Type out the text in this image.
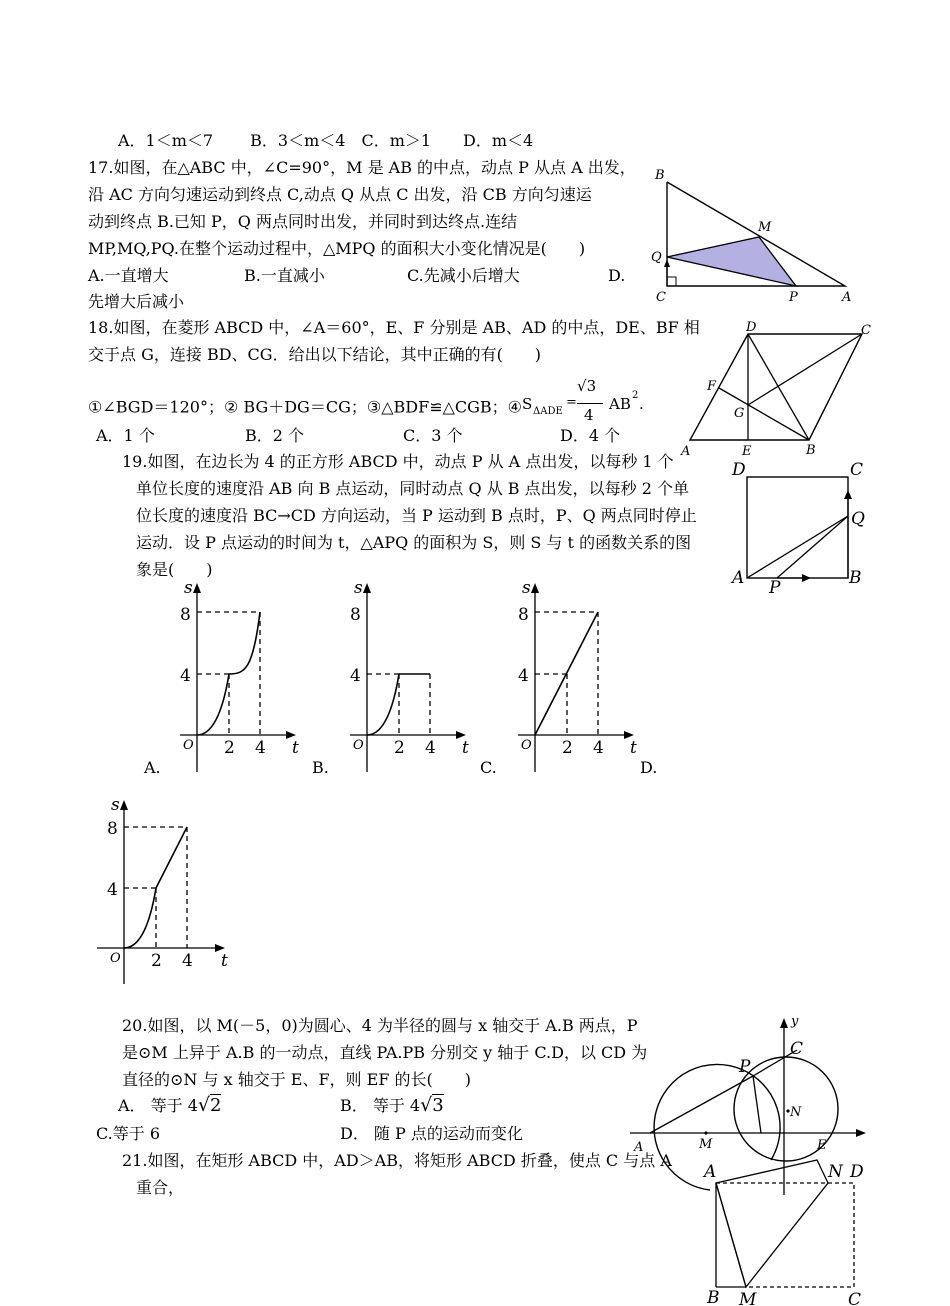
A．1＜m＜7　　 B．3＜m＜4　C．m＞1　　D．m＜4
17.如图，在△ABC 中，∠C=90°，M 是 AB 的中点，动点 P 从点 A 出发，
沿 AC 方向匀速运动到终点 C,动点 Q 从点 C 出发，沿 CB 方向匀速运
动到终点 B.已知 P，Q 两点同时出发，并同时到达终点.连结
MP,MQ,PQ.在整个运动过程中，△MPQ 的面积大小变化情况是(　　)
A.一直增大	B.一直减小	C.先减小后增大	D.
先增大后减小
B
M
Q
C	P	A
18.如图，在菱形 ABCD 中，∠A＝60°，E、F 分别是 AB、AD 的中点，DE、BF 相
交于点 G，连接 BD、CG．给出以下结论，其中正确的有(　　)
①∠BGD＝120°；② BG＋DG＝CG；③△BDF≌△CGB；④ S ΔADE
=
√3
4
AB 2 .
A．1 个	B．2 个	C．3 个	D．4 个
D	C
F
G
A	E	B
19.如图，在边长为 4 的正方形 ABCD 中，动点 P 从 A 点出发，以每秒 1 个
单位长度的速度沿 AB 向 B 点运动，同时动点 Q 从 B 点出发，以每秒 2 个单
位长度的速度沿 BC→CD 方向运动，当 P 运动到 B 点时，P、Q 两点同时停止
运动．设 P 点运动的时间为 t，△APQ 的面积为 S，则 S 与 t 的函数关系的图
象是(　　)
D	C
Q
A P	B
s
8
4
O 2 4 t
A.
s
8
4
O 2 4 t
B.
s
8
4
O 2 4 t
C.	D.
s
8
4
O 2 4 t
20.如图，以 M(－5，0)为圆心、4 为半径的圆与 x 轴交于 A.B 两点，P
是⊙M 上异于 A.B 的一动点，直线 PA.PB 分别交 y 轴于 C.D，以 CD 为
直径的⊙N 与 x 轴交于 E、F，则 EF 的长(　　)
A． 等于 4√2	B． 等于 4√3
C.等于 6	D． 随 P 点的运动而变化
y
C
P
N
A	M	E
21.如图，在矩形 ABCD 中，AD＞AB，将矩形 ABCD 折叠，使点 C 与点 A
重合，
A	N D
B M	C
